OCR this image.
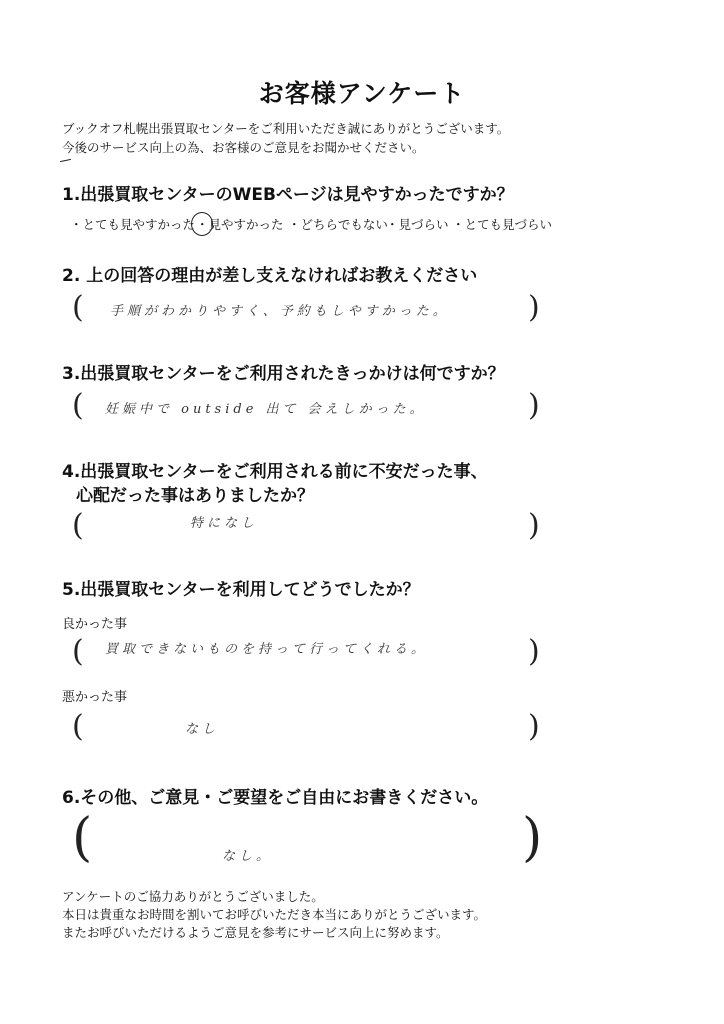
お客様アンケート
ブックオフ札幌出張買取センターをご利用いただき誠にありがとうございます。
今後のサービス向上の為、お客様のご意見をお聞かせください。
1.出張買取センターのWEBページは見やすかったですか？
・とても見やすかった ・見やすかった ・どちらでもない
・見づらい ・とても見づらい
2. 上の回答の理由が差し支えなければお教えください
( 手順がわかりやすく、予約もしやすかった。	)
3.出張買取センターをご利用されたきっかけは何ですか？
( 妊娠中で outside 出て 会えしかった。	)
4.出張買取センターをご利用される前に不安だった事、
心配だった事はありましたか？
(	特になし	)
5.出張買取センターを利用してどうでしたか？
良かった事
( 買取できないものを持って行ってくれる。	)
悪かった事
(	なし	)
6.その他、ご意見・ご要望をご自由にお書きください。
(	なし。	)
アンケートのご協力ありがとうございました。
本日は貴重なお時間を割いてお呼びいただき本当にありがとうございます。
またお呼びいただけるようご意見を参考にサービス向上に努めます。
